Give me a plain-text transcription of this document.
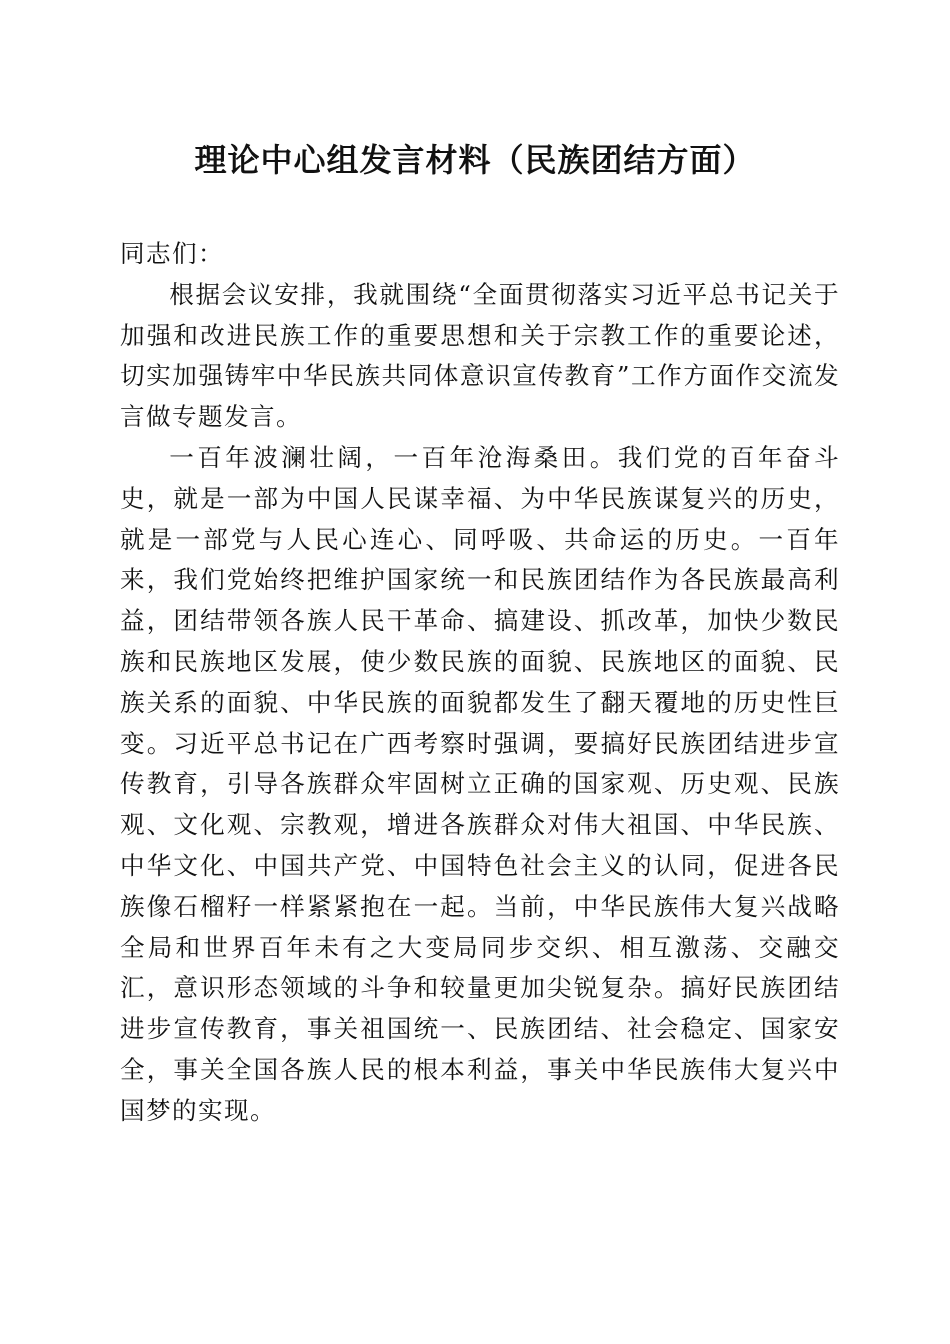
理论中心组发言材料（民族团结方面）

同志们：

根据会议安排，我就围绕“全面贯彻落实习近平总书记关于加强和改进民族工作的重要思想和关于宗教工作的重要论述，切实加强铸牢中华民族共同体意识宣传教育”工作方面作交流发言做专题发言。

一百年波澜壮阔，一百年沧海桑田。我们党的百年奋斗史，就是一部为中国人民谋幸福、为中华民族谋复兴的历史，就是一部党与人民心连心、同呼吸、共命运的历史。一百年来，我们党始终把维护国家统一和民族团结作为各民族最高利益，团结带领各族人民干革命、搞建设、抓改革，加快少数民族和民族地区发展，使少数民族的面貌、民族地区的面貌、民族关系的面貌、中华民族的面貌都发生了翻天覆地的历史性巨变。习近平总书记在广西考察时强调，要搞好民族团结进步宣传教育，引导各族群众牢固树立正确的国家观、历史观、民族观、文化观、宗教观，增进各族群众对伟大祖国、中华民族、中华文化、中国共产党、中国特色社会主义的认同，促进各民族像石榴籽一样紧紧抱在一起。当前，中华民族伟大复兴战略全局和世界百年未有之大变局同步交织、相互激荡、交融交汇，意识形态领域的斗争和较量更加尖锐复杂。搞好民族团结进步宣传教育，事关祖国统一、民族团结、社会稳定、国家安全，事关全国各族人民的根本利益，事关中华民族伟大复兴中国梦的实现。
